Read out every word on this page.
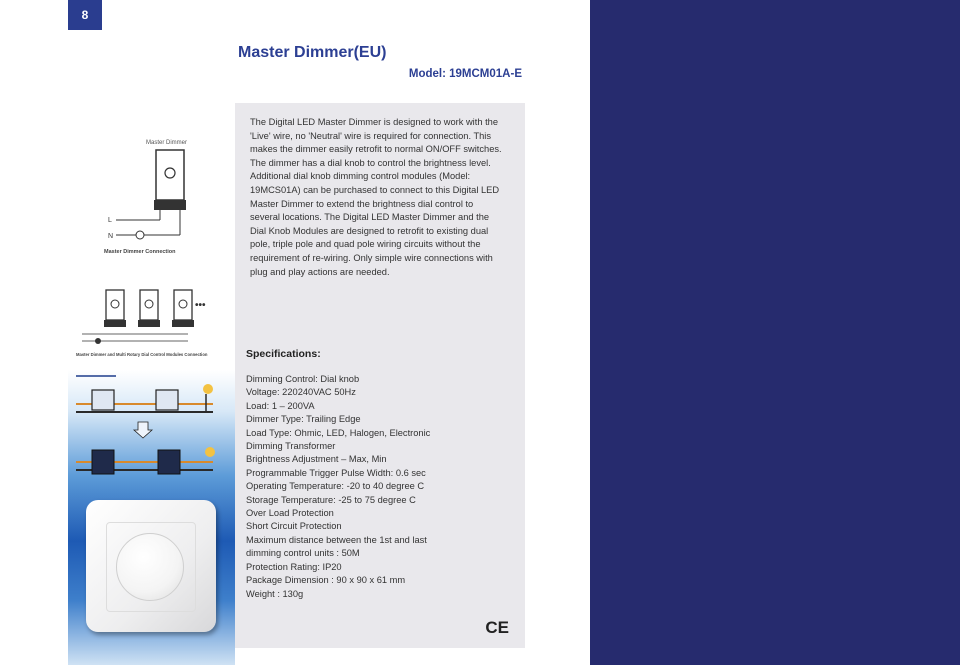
8
Master Dimmer(EU)
Model: 19MCM01A-E
Master Dimmer
L
N
Master Dimmer Connection
•••
Master Dimmer and Multi Rotary Dial Control Modules Connection

The Digital LED Master Dimmer is designed to work with the 'Live' wire, no 'Neutral' wire is required for connection. This makes the dimmer easily retrofit to normal ON/OFF switches. The dimmer has a dial knob to control the brightness level. Additional dial knob dimming control modules (Model: 19MCS01A) can be purchased to connect to this Digital LED Master Dimmer to extend the brightness dial control to several locations. The Digital LED Master Dimmer and the Dial Knob Modules are designed to retrofit to existing dual pole, triple pole and quad pole wiring circuits without the requirement of re-wiring. Only simple wire connections with plug and play actions are needed.

Specifications:
Dimming Control: Dial knob
Voltage: 220240VAC 50Hz
Load: 1 – 200VA
Dimmer Type: Trailing Edge
Load Type: Ohmic, LED, Halogen, Electronic
Dimming Transformer
Brightness Adjustment – Max, Min
Programmable Trigger Pulse Width: 0.6 sec
Operating Temperature: -20 to 40 degree C
Storage Temperature: -25 to 75 degree C
Over Load Protection
Short Circuit Protection
Maximum distance between the 1st and last
dimming control units : 50M
Protection Rating: IP20
Package Dimension : 90 x 90 x 61 mm
Weight : 130g
CE
